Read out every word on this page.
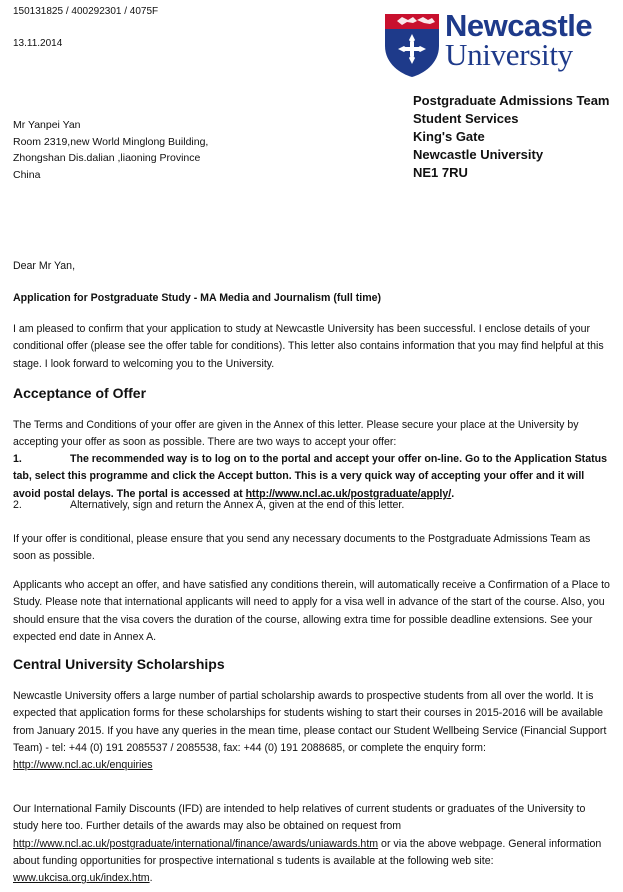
150131825 / 400292301 / 4075F
13.11.2014
Newcastle
University
Postgraduate Admissions Team
Student Services
King's Gate
Newcastle University
NE1 7RU
Mr Yanpei Yan
Room 2319,new World Minglong Building,
Zhongshan Dis.dalian ,liaoning Province
China
Dear Mr Yan,
Application for Postgraduate Study - MA Media and Journalism (full time)
I am pleased to confirm that your application to study at Newcastle University has been successful. I enclose details of your
conditional offer (please see the offer table for conditions). This letter also contains information that you may find helpful at this
stage. I look forward to welcoming you to the University.
Acceptance of Offer
The Terms and Conditions of your offer are given in the Annex of this letter. Please secure your place at the University by
accepting your offer as soon as possible. There are two ways to accept your offer:
1.	The recommended way is to log on to the portal and accept your offer on-line. Go to the Application Status
tab, select this programme and click the Accept button. This is a very quick way of accepting your offer and it will
avoid postal delays. The portal is accessed at http://www.ncl.ac.uk/postgraduate/apply/.
2.	Alternatively, sign and return the Annex A, given at the end of this letter.
If your offer is conditional, please ensure that you send any necessary documents to the Postgraduate Admissions Team as
soon as possible.
Applicants who accept an offer, and have satisfied any conditions therein, will automatically receive a Confirmation of a Place to
Study. Please note that international applicants will need to apply for a visa well in advance of the start of the course. Also, you
should ensure that the visa covers the duration of the course, allowing extra time for possible deadline extensions. See your
expected end date in Annex A.
Central University Scholarships
Newcastle University offers a large number of partial scholarship awards to prospective students from all over the world. It is
expected that application forms for these scholarships for students wishing to start their courses in 2015-2016 will be available
from January 2015. If you have any queries in the mean time, please contact our Student Wellbeing Service (Financial Support
Team) - tel: +44 (0) 191 2085537 / 2085538, fax: +44 (0) 191 2088685, or complete the enquiry form:
http://www.ncl.ac.uk/enquiries
Our International Family Discounts (IFD) are intended to help relatives of current students or graduates of the University to
study here too. Further details of the awards may also be obtained on request from
http://www.ncl.ac.uk/postgraduate/international/finance/awards/uniawards.htm or via the above webpage. General information
about funding opportunities for prospective international s tudents is available at the following web site:
www.ukcisa.org.uk/index.htm.
